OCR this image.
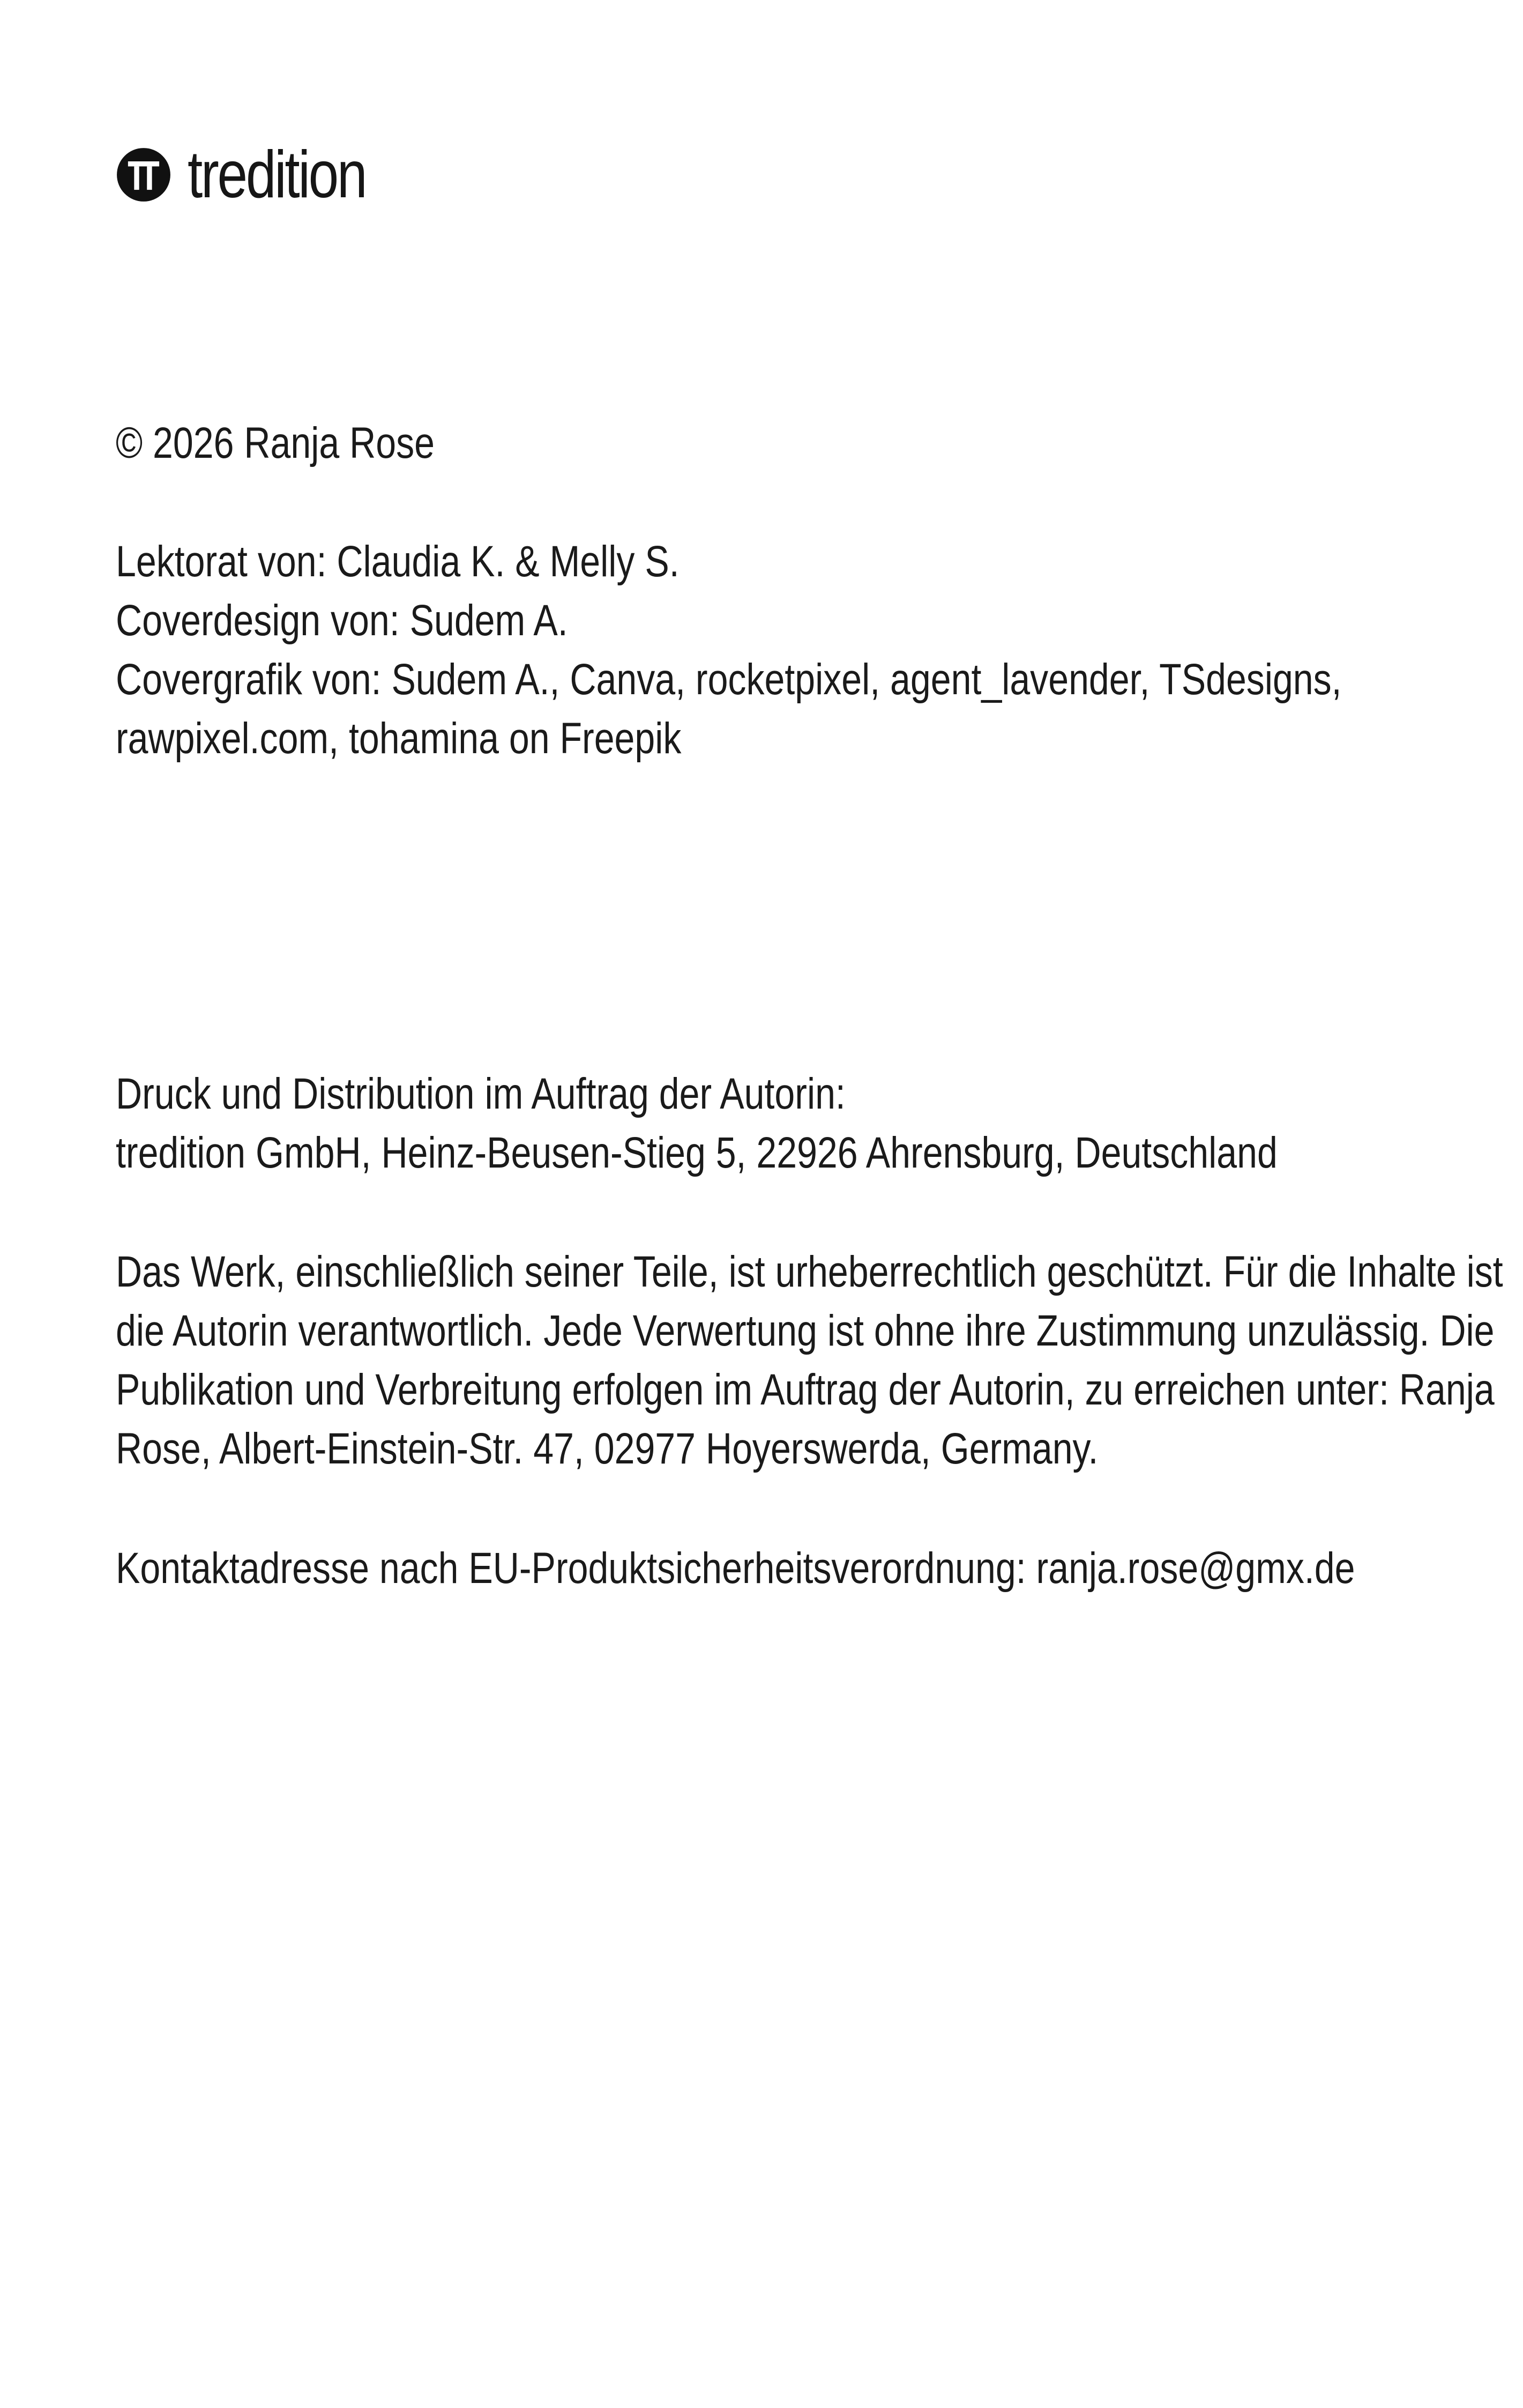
tredition
© 2026 Ranja Rose
Lektorat von: Claudia K. & Melly S.
Coverdesign von: Sudem A.
Covergrafik von: Sudem A., Canva, rocketpixel, agent_lavender, TSdesigns,
rawpixel.com, tohamina on Freepik
Druck und Distribution im Auftrag der Autorin:
tredition GmbH, Heinz-Beusen-Stieg 5, 22926 Ahrensburg, Deutschland
Das Werk, einschließlich seiner Teile, ist urheberrechtlich geschützt. Für die Inhalte ist
die Autorin verantwortlich. Jede Verwertung ist ohne ihre Zustimmung unzulässig. Die
Publikation und Verbreitung erfolgen im Auftrag der Autorin, zu erreichen unter: Ranja
Rose, Albert-Einstein-Str. 47, 02977 Hoyerswerda, Germany.
Kontaktadresse nach EU-Produktsicherheitsverordnung: ranja.rose@gmx.de
